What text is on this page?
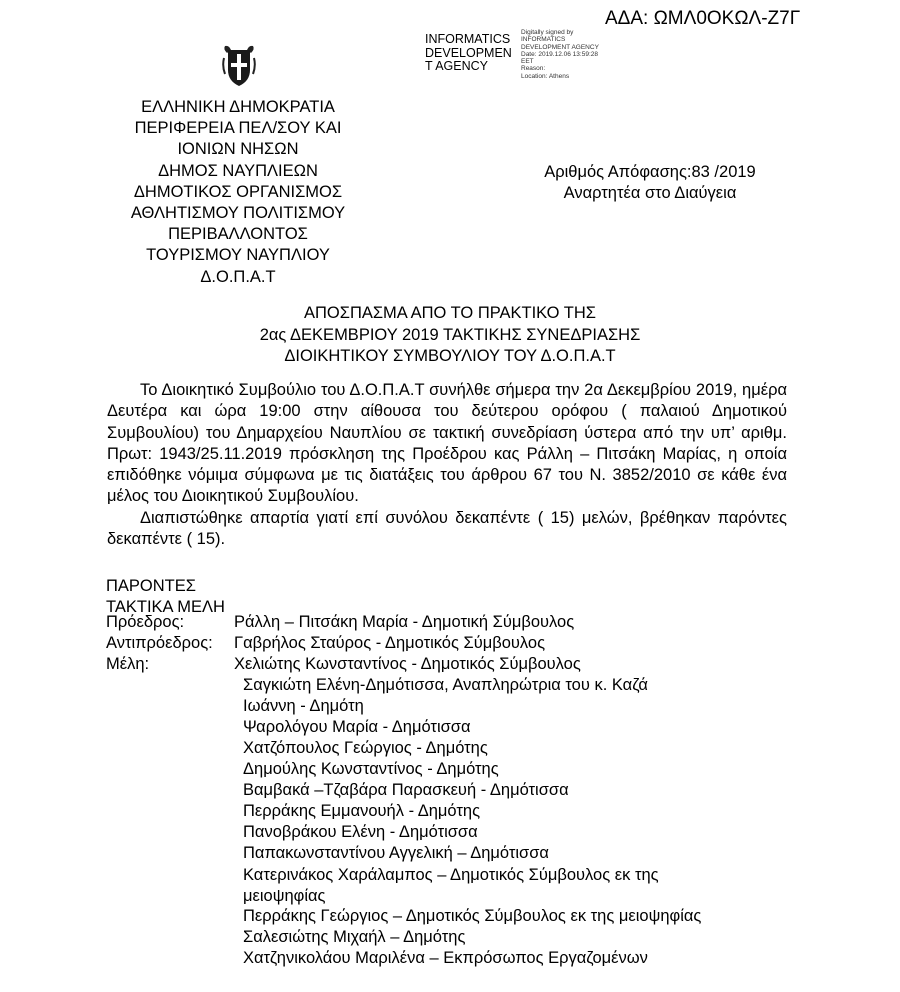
ΑΔΑ: ΩΜΛ0ΟΚΩΛ-Ζ7Γ
INFORMATICS
DEVELOPMEN
T AGENCY
Digitally signed by
INFORMATICS
DEVELOPMENT AGENCY
Date: 2019.12.06 13:59:28
EET
Reason:
Location: Athens
ΕΛΛΗΝΙΚΗ ΔΗΜΟΚΡΑΤΙΑ
ΠΕΡΙΦΕΡΕΙΑ ΠΕΛ/ΣΟΥ ΚΑΙ
ΙΟΝΙΩΝ ΝΗΣΩΝ
ΔΗΜΟΣ ΝΑΥΠΛΙΕΩΝ
ΔΗΜΟΤΙΚΟΣ ΟΡΓΑΝΙΣΜΟΣ
ΑΘΛΗΤΙΣΜΟΥ ΠΟΛΙΤΙΣΜΟΥ
ΠΕΡΙΒΑΛΛΟΝΤΟΣ
ΤΟΥΡΙΣΜΟΥ ΝΑΥΠΛΙΟΥ
Δ.Ο.Π.Α.Τ
Αριθμός Απόφασης:83 /2019
Αναρτητέα στο Διαύγεια
ΑΠΟΣΠΑΣΜΑ ΑΠΟ ΤΟ ΠΡΑΚΤΙΚΟ ΤΗΣ
2ας ΔΕΚΕΜΒΡΙΟΥ 2019 ΤΑΚΤΙΚΗΣ ΣΥΝΕΔΡΙΑΣΗΣ
ΔΙΟΙΚΗΤΙΚΟΥ ΣΥΜΒΟΥΛΙΟΥ ΤΟΥ Δ.Ο.Π.Α.Τ

Το Διοικητικό Συμβούλιο του Δ.Ο.Π.Α.Τ συνήλθε σήμερα την 2α Δεκεμβρίου 2019, ημέρα Δευτέρα και ώρα 19:00 στην αίθουσα του δεύτερου ορόφου ( παλαιού Δημοτικού Συμβουλίου) του Δημαρχείου Ναυπλίου σε τακτική συνεδρίαση ύστερα από την υπ’ αριθμ. Πρωτ: 1943/25.11.2019 πρόσκληση της Προέδρου κας Ράλλη – Πιτσάκη Μαρίας, η οποία επιδόθηκε νόμιμα σύμφωνα με τις διατάξεις του άρθρου 67 του Ν. 3852/2010 σε κάθε ένα μέλος του Διοικητικού Συμβουλίου.

Διαπιστώθηκε απαρτία γιατί επί συνόλου δεκαπέντε ( 15) μελών, βρέθηκαν παρόντες δεκαπέντε ( 15).

ΠΑΡΟΝΤΕΣ
ΤΑΚΤΙΚΑ ΜΕΛΗ
Πρόεδρος:	Ράλλη – Πιτσάκη Μαρία - Δημοτική Σύμβουλος
Αντιπρόεδρος: Γαβρήλος Σταύρος - Δημοτικός Σύμβουλος
Μέλη:	Χελιώτης Κωνσταντίνος - Δημοτικός Σύμβουλος
Σαγκιώτη Ελένη-Δημότισσα, Αναπληρώτρια του κ. Καζά
Ιωάννη - Δημότη
Ψαρολόγου Μαρία - Δημότισσα
Χατζόπουλος Γεώργιος - Δημότης
Δημούλης Κωνσταντίνος - Δημότης
Βαμβακά –Τζαβάρα Παρασκευή - Δημότισσα
Περράκης Εμμανουήλ - Δημότης
Πανοβράκου Ελένη - Δημότισσα
Παπακωνσταντίνου Αγγελική – Δημότισσα
Κατερινάκος Χαράλαμπος – Δημοτικός Σύμβουλος εκ της μειοψηφίας
Περράκης Γεώργιος – Δημοτικός Σύμβουλος εκ της μειοψηφίας
Σαλεσιώτης Μιχαήλ – Δημότης
Χατζηνικολάου Μαριλένα – Εκπρόσωπος Εργαζομένων
